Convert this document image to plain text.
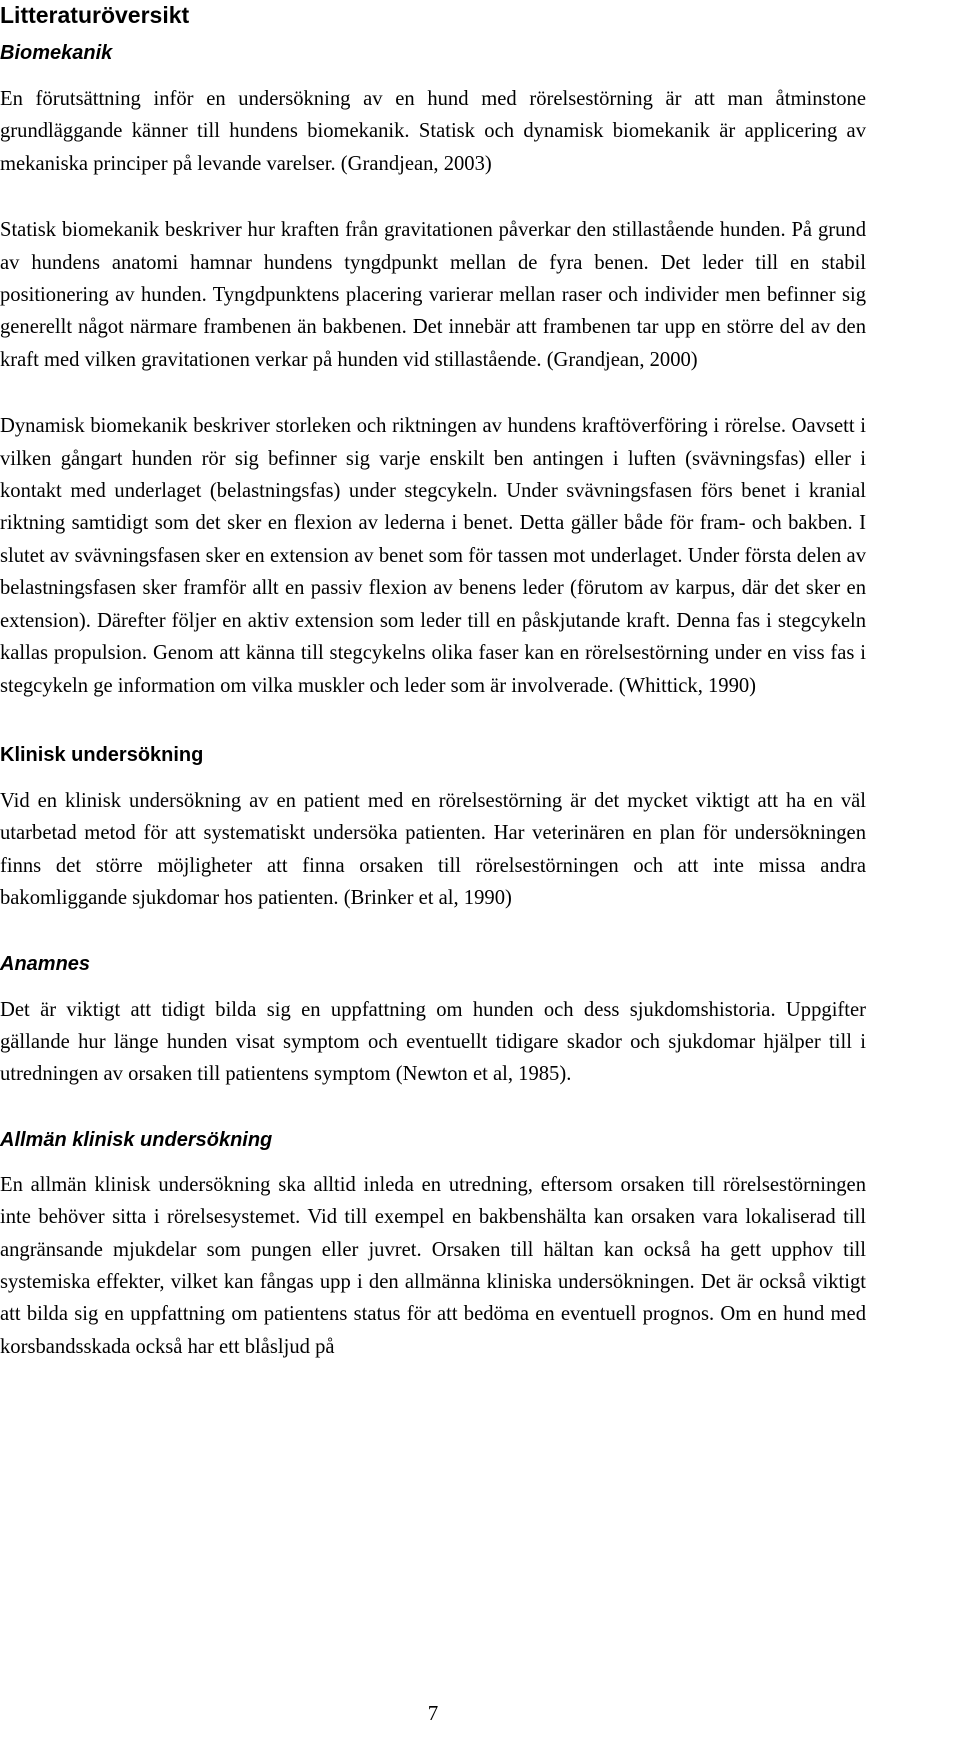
Litteraturöversikt
Biomekanik

En förutsättning inför en undersökning av en hund med rörelsestörning är att man åtminstone grundläggande känner till hundens biomekanik. Statisk och dynamisk biomekanik är applicering av mekaniska principer på levande varelser. (Grandjean, 2003)

Statisk biomekanik beskriver hur kraften från gravitationen påverkar den stillastående hunden. På grund av hundens anatomi hamnar hundens tyngdpunkt mellan de fyra benen. Det leder till en stabil positionering av hunden. Tyngdpunktens placering varierar mellan raser och individer men befinner sig generellt något närmare frambenen än bakbenen. Det innebär att frambenen tar upp en större del av den kraft med vilken gravitationen verkar på hunden vid stillastående. (Grandjean, 2000)

Dynamisk biomekanik beskriver storleken och riktningen av hundens kraftöverföring i rörelse. Oavsett i vilken gångart hunden rör sig befinner sig varje enskilt ben antingen i luften (svävningsfas) eller i kontakt med underlaget (belastningsfas) under stegcykeln. Under svävningsfasen förs benet i kranial riktning samtidigt som det sker en flexion av lederna i benet. Detta gäller både för fram- och bakben. I slutet av svävningsfasen sker en extension av benet som för tassen mot underlaget. Under första delen av belastningsfasen sker framför allt en passiv flexion av benens leder (förutom av karpus, där det sker en extension). Därefter följer en aktiv extension som leder till en påskjutande kraft. Denna fas i stegcykeln kallas propulsion. Genom att känna till stegcykelns olika faser kan en rörelsestörning under en viss fas i stegcykeln ge information om vilka muskler och leder som är involverade. (Whittick, 1990)

Klinisk undersökning

Vid en klinisk undersökning av en patient med en rörelsestörning är det mycket viktigt att ha en väl utarbetad metod för att systematiskt undersöka patienten. Har veterinären en plan för undersökningen finns det större möjligheter att finna orsaken till rörelsestörningen och att inte missa andra bakomliggande sjukdomar hos patienten. (Brinker et al, 1990)

Anamnes

Det är viktigt att tidigt bilda sig en uppfattning om hunden och dess sjukdomshistoria. Uppgifter gällande hur länge hunden visat symptom och eventuellt tidigare skador och sjukdomar hjälper till i utredningen av orsaken till patientens symptom (Newton et al, 1985).

Allmän klinisk undersökning

En allmän klinisk undersökning ska alltid inleda en utredning, eftersom orsaken till rörelsestörningen inte behöver sitta i rörelsesystemet. Vid till exempel en bakbenshälta kan orsaken vara lokaliserad till angränsande mjukdelar som pungen eller juvret. Orsaken till hältan kan också ha gett upphov till systemiska effekter, vilket kan fångas upp i den allmänna kliniska undersökningen. Det är också viktigt att bilda sig en uppfattning om patientens status för att bedöma en eventuell prognos. Om en hund med korsbandsskada också har ett blåsljud på

7
